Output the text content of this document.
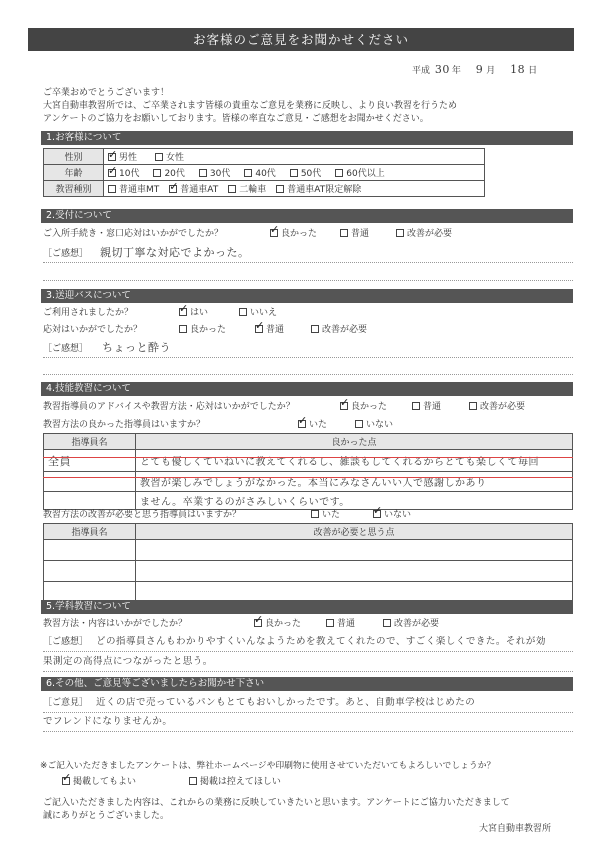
お客様のご意見をお聞かせください
平成 30 年 9 月 18 日
ご卒業おめでとうございます！
大宮自動車教習所では、ご卒業されます皆様の貴重なご意見を業務に反映し、より良い教習を行うため
アンケートのご協力をお願いしております。皆様の率直なご意見・ご感想をお聞かせください。
1.お客様について
性別	✓男性 女性
年齢	✓10代 20代 30代 40代 50代 60代以上
教習種別	普通車MT ✓ 普通車AT 二輪車 普通車AT限定解除
2.受付について
ご入所手続き・窓口応対はいかがでしたか？ ✓	良かった	普通	改善が必要
［ご感想］ 親切丁寧な対応でよかった。
3.送迎バスについて
ご利用されましたか？ ✓	はい	いいえ
応対はいかがでしたか？	良かった ✓	普通	改善が必要
［ご感想］ ちょっと酔う
4.技能教習について
教習指導員のアドバイスや教習方法・応対はいかがでしたか？ ✓	良かった	普通	改善が必要
教習方法の良かった指導員はいますか？ ✓	いた	いない
指導員名	良かった点
全員	とても優しくていねいに教えてくれるし、雑談もしてくれるからとても楽しくて毎回
	教習が楽しみでしょうがなかった。本当にみなさんいい人で感謝しかあり
	ません。卒業するのがさみしいくらいです。
教習方法の改善が必要と思う指導員はいますか？	いた ✓	いない
指導員名	改善が必要と思う点

5.学科教習について
教習方法・内容はいかがでしたか？ ✓	良かった	普通	改善が必要
［ご感想］ どの指導員さんもわかりやすくいんなようためを教えてくれたので、すごく楽しくできた。それが効
果測定の高得点につながったと思う。
6.その他、ご意見等ございましたらお聞かせ下さい
［ご意見］ 近くの店で売っているパンもとてもおいしかったです。あと、自動車学校はじめたの
でフレンドになりませんか。
※ご記入いただきましたアンケートは、弊社ホームページや印刷物に使用させていただいてもよろしいでしょうか？
✓掲載してもよい	掲載は控えてほしい
ご記入いただきました内容は、これからの業務に反映していきたいと思います。アンケートにご協力いただきまして
誠にありがとうございました。
大宮自動車教習所
